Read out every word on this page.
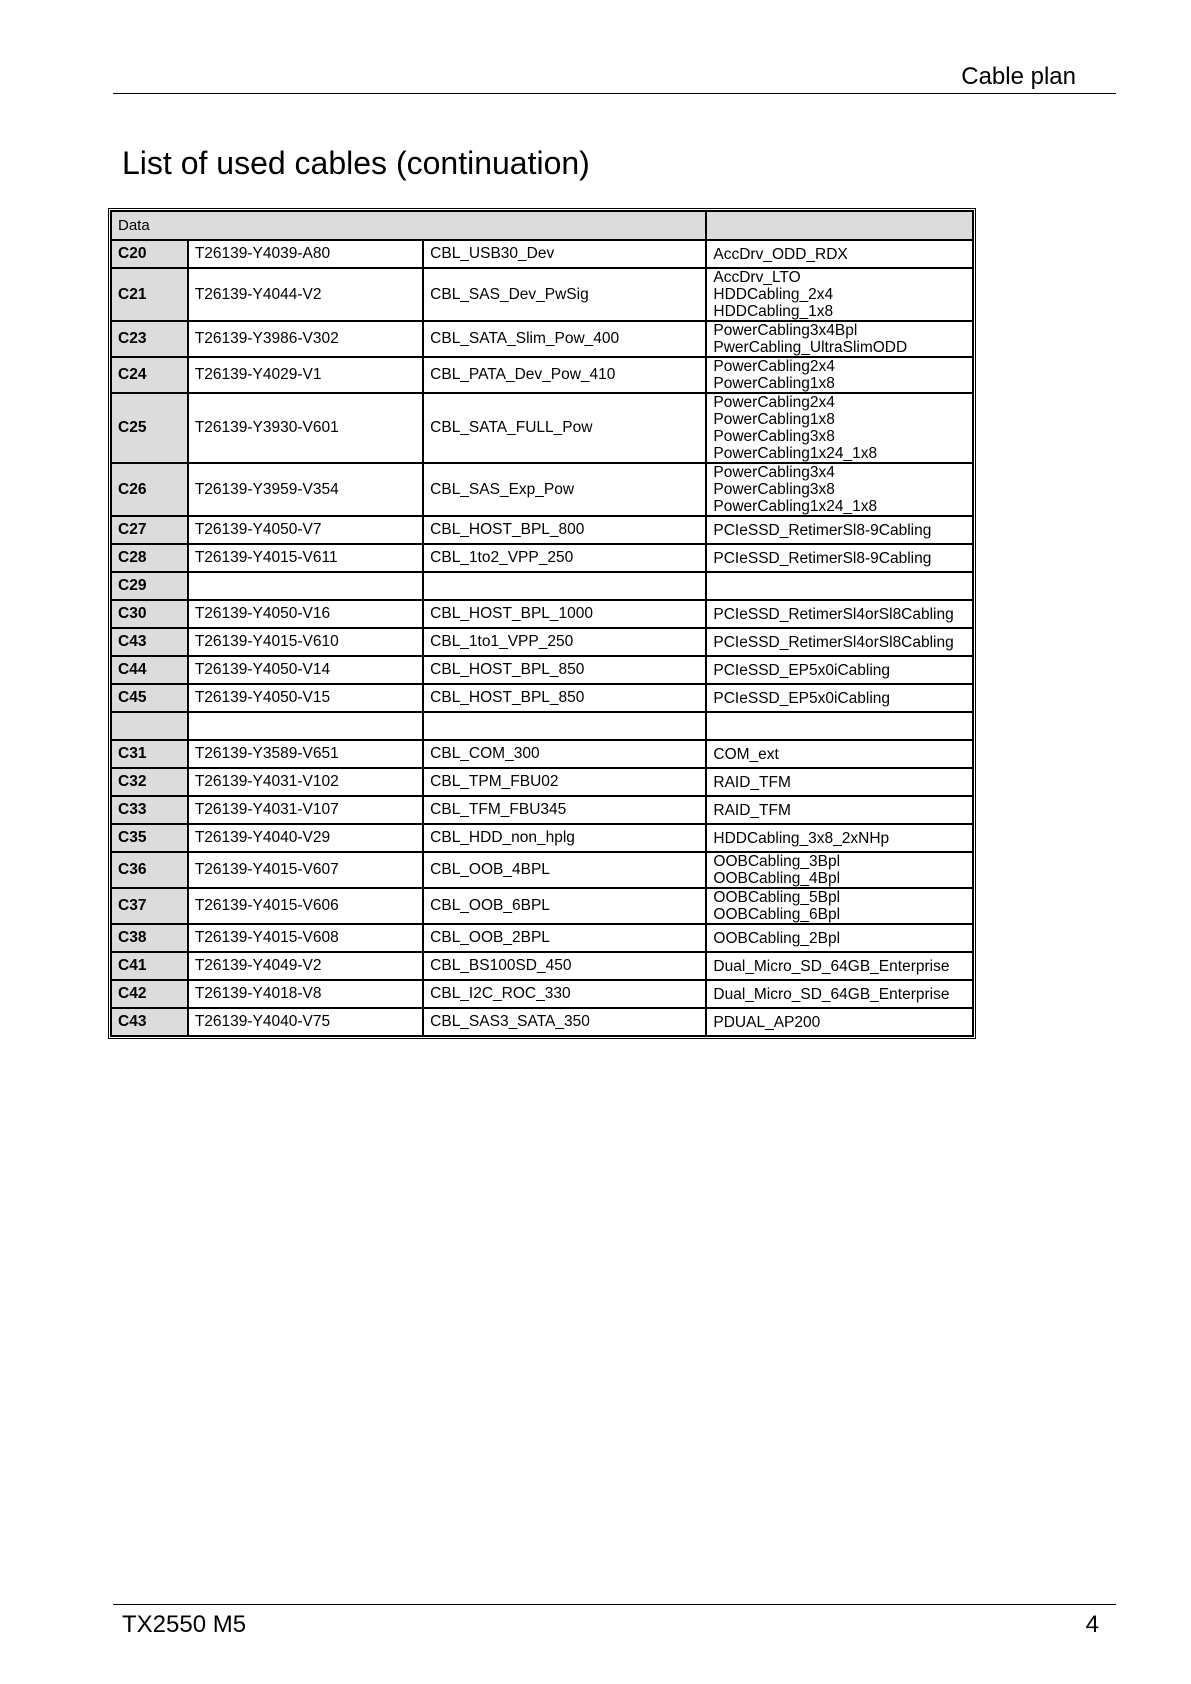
Cable plan
List of used cables (continuation)
Data			
C20	T26139-Y4039-A80	CBL_USB30_Dev	AccDrv_ODD_RDX

C21	T26139-Y4044-V2	CBL_SAS_Dev_PwSig	AccDrv_LTO
HDDCabling_2x4
HDDCabling_1x8

C23	T26139-Y3986-V302	CBL_SATA_Slim_Pow_400	PowerCabling3x4Bpl
PwerCabling_UltraSlimODD

C24	T26139-Y4029-V1	CBL_PATA_Dev_Pow_410	PowerCabling2x4
PowerCabling1x8

C25	T26139-Y3930-V601	CBL_SATA_FULL_Pow	PowerCabling2x4
PowerCabling1x8
PowerCabling3x8
PowerCabling1x24_1x8

C26	T26139-Y3959-V354	CBL_SAS_Exp_Pow	PowerCabling3x4
PowerCabling3x8
PowerCabling1x24_1x8

C27	T26139-Y4050-V7	CBL_HOST_BPL_800	PCIeSSD_RetimerSl8-9Cabling

C28	T26139-Y4015-V611	CBL_1to2_VPP_250	PCIeSSD_RetimerSl8-9Cabling

C29			

C30	T26139-Y4050-V16	CBL_HOST_BPL_1000	PCIeSSD_RetimerSl4orSl8Cabling

C43	T26139-Y4015-V610	CBL_1to1_VPP_250	PCIeSSD_RetimerSl4orSl8Cabling

C44	T26139-Y4050-V14	CBL_HOST_BPL_850	PCIeSSD_EP5x0iCabling

C45	T26139-Y4050-V15	CBL_HOST_BPL_850	PCIeSSD_EP5x0iCabling

C31	T26139-Y3589-V651	CBL_COM_300	COM_ext

C32	T26139-Y4031-V102	CBL_TPM_FBU02	RAID_TFM

C33	T26139-Y4031-V107	CBL_TFM_FBU345	RAID_TFM

C35	T26139-Y4040-V29	CBL_HDD_non_hplg	HDDCabling_3x8_2xNHp

C36	T26139-Y4015-V607	CBL_OOB_4BPL	OOBCabling_3Bpl
OOBCabling_4Bpl

C37	T26139-Y4015-V606	CBL_OOB_6BPL	OOBCabling_5Bpl
OOBCabling_6Bpl

C38	T26139-Y4015-V608	CBL_OOB_2BPL	OOBCabling_2Bpl

C41	T26139-Y4049-V2	CBL_BS100SD_450	Dual_Micro_SD_64GB_Enterprise

C42	T26139-Y4018-V8	CBL_I2C_ROC_330	Dual_Micro_SD_64GB_Enterprise

C43	T26139-Y4040-V75	CBL_SAS3_SATA_350	PDUAL_AP200
TX2550 M5	4
